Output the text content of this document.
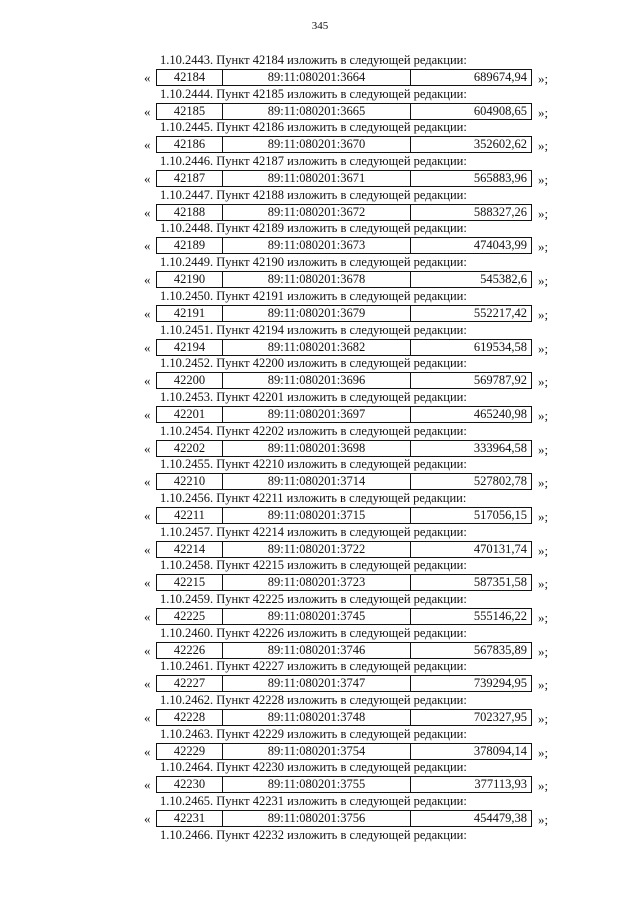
345
1.10.2443. Пункт 42184 изложить в следующей редакции:
«	42184	89:11:080201:3664	689674,94 »;
1.10.2444. Пункт 42185 изложить в следующей редакции:
«	42185	89:11:080201:3665	604908,65 »;
1.10.2445. Пункт 42186 изложить в следующей редакции:
«	42186	89:11:080201:3670	352602,62 »;
1.10.2446. Пункт 42187 изложить в следующей редакции:
«	42187	89:11:080201:3671	565883,96 »;
1.10.2447. Пункт 42188 изложить в следующей редакции:
«	42188	89:11:080201:3672	588327,26 »;
1.10.2448. Пункт 42189 изложить в следующей редакции:
«	42189	89:11:080201:3673	474043,99 »;
1.10.2449. Пункт 42190 изложить в следующей редакции:
«	42190	89:11:080201:3678	545382,6 »;
1.10.2450. Пункт 42191 изложить в следующей редакции:
«	42191	89:11:080201:3679	552217,42 »;
1.10.2451. Пункт 42194 изложить в следующей редакции:
«	42194	89:11:080201:3682	619534,58 »;
1.10.2452. Пункт 42200 изложить в следующей редакции:
«	42200	89:11:080201:3696	569787,92 »;
1.10.2453. Пункт 42201 изложить в следующей редакции:
«	42201	89:11:080201:3697	465240,98 »;
1.10.2454. Пункт 42202 изложить в следующей редакции:
«	42202	89:11:080201:3698	333964,58 »;
1.10.2455. Пункт 42210 изложить в следующей редакции:
«	42210	89:11:080201:3714	527802,78 »;
1.10.2456. Пункт 42211 изложить в следующей редакции:
«	42211	89:11:080201:3715	517056,15 »;
1.10.2457. Пункт 42214 изложить в следующей редакции:
«	42214	89:11:080201:3722	470131,74 »;
1.10.2458. Пункт 42215 изложить в следующей редакции:
«	42215	89:11:080201:3723	587351,58 »;
1.10.2459. Пункт 42225 изложить в следующей редакции:
«	42225	89:11:080201:3745	555146,22 »;
1.10.2460. Пункт 42226 изложить в следующей редакции:
«	42226	89:11:080201:3746	567835,89 »;
1.10.2461. Пункт 42227 изложить в следующей редакции:
«	42227	89:11:080201:3747	739294,95 »;
1.10.2462. Пункт 42228 изложить в следующей редакции:
«	42228	89:11:080201:3748	702327,95 »;
1.10.2463. Пункт 42229 изложить в следующей редакции:
«	42229	89:11:080201:3754	378094,14 »;
1.10.2464. Пункт 42230 изложить в следующей редакции:
«	42230	89:11:080201:3755	377113,93 »;
1.10.2465. Пункт 42231 изложить в следующей редакции:
«	42231	89:11:080201:3756	454479,38 »;
1.10.2466. Пункт 42232 изложить в следующей редакции:
